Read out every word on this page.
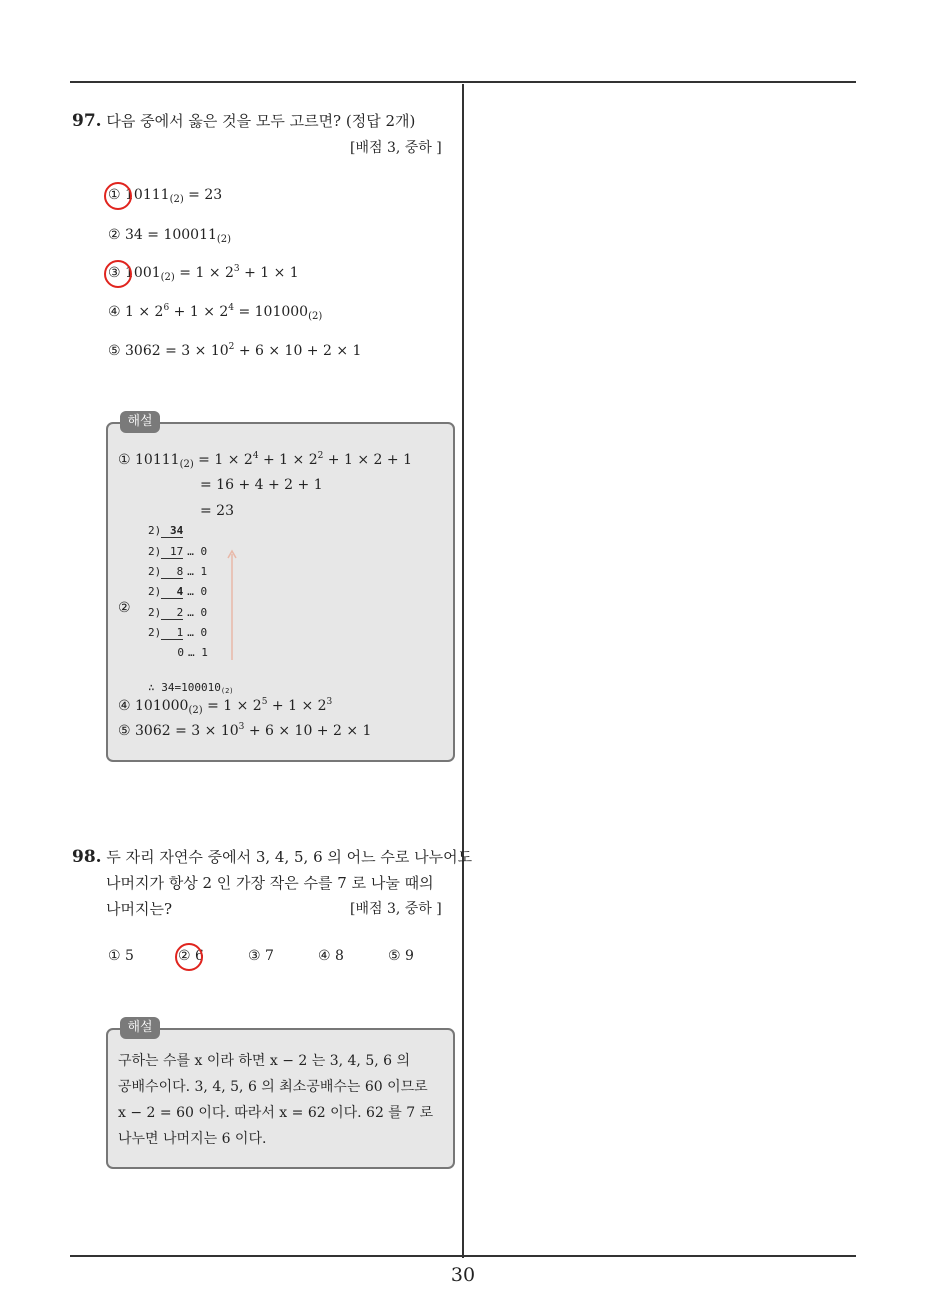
30
97. 다음 중에서 옳은 것을 모두 고르면? (정답 2개)
[배점 3, 중하 ]
① $10111_{(2)} = 23$
② $34 = 100011_{(2)}$
③ $1001_{(2)} = 1 \times 2^3 + 1 \times 1$
④ $1 \times 2^6 + 1 \times 2^4 = 101000_{(2)}$
⑤ $3062 = 3 \times 10^2 + 6 \times 10 + 2 \times 1$
해설
① $10111_{(2)} = 1 \times 2^4 + 1 \times 2^2 + 1 \times 2 + 1$
= 16 + 4 + 2 + 1
= 23
②
2) 34
2) 17 … 0
2) 8 … 1
2) 4 … 0
2) 2 … 0
2) 1 … 0
0 … 1
∴ 34=100010(2)
④ $101000_{(2)} = 1 \times 2^5 + 1 \times 2^3$
⑤ $3062 = 3 \times 10^3 + 6 \times 10 + 2 \times 1$
98. 두 자리 자연수 중에서 3, 4, 5, 6 의 어느 수로 나누어도
나머지가 항상 2 인 가장 작은 수를 7 로 나눌 때의
나머지는?	[배점 3, 중하 ]
① 5	② 6	③ 7	④ 8	⑤ 9
해설
구하는 수를 x 이라 하면 x − 2 는 3, 4, 5, 6 의
공배수이다. 3, 4, 5, 6 의 최소공배수는 60 이므로
x − 2 = 60 이다. 따라서 x = 62 이다. 62 를 7 로
나누면 나머지는 6 이다.
